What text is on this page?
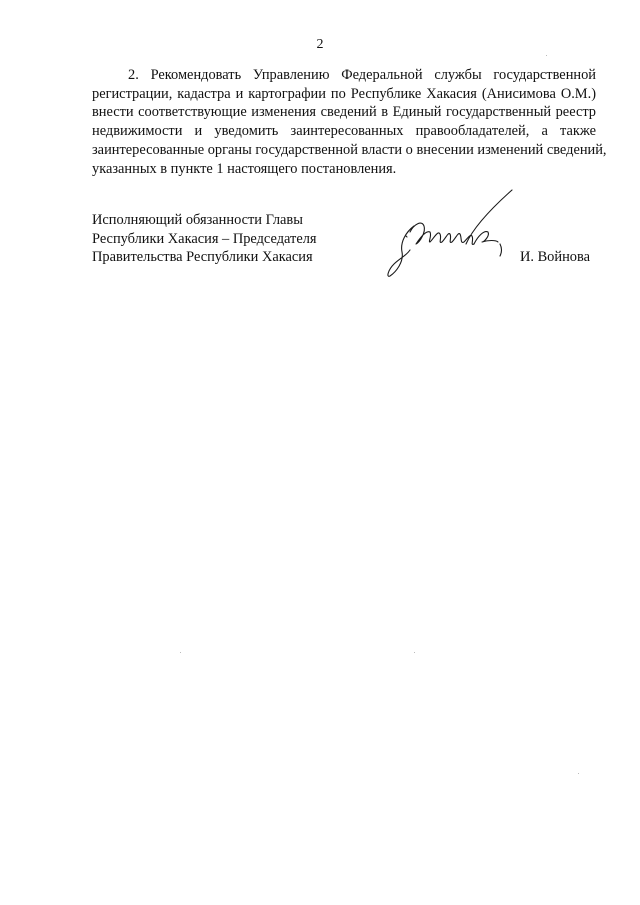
2
2. Рекомендовать Управлению Федеральной службы государственной
регистрации, кадастра и картографии по Республике Хакасия (Анисимова О.М.)
внести соответствующие изменения сведений в Единый государственный реестр
недвижимости и уведомить заинтересованных правообладателей, а также
заинтересованные органы государственной власти о внесении изменений сведений,
указанных в пункте 1 настоящего постановления.
Исполняющий обязанности Главы
Республики Хакасия – Председателя
Правительства Республики Хакасия	И. Войнова
